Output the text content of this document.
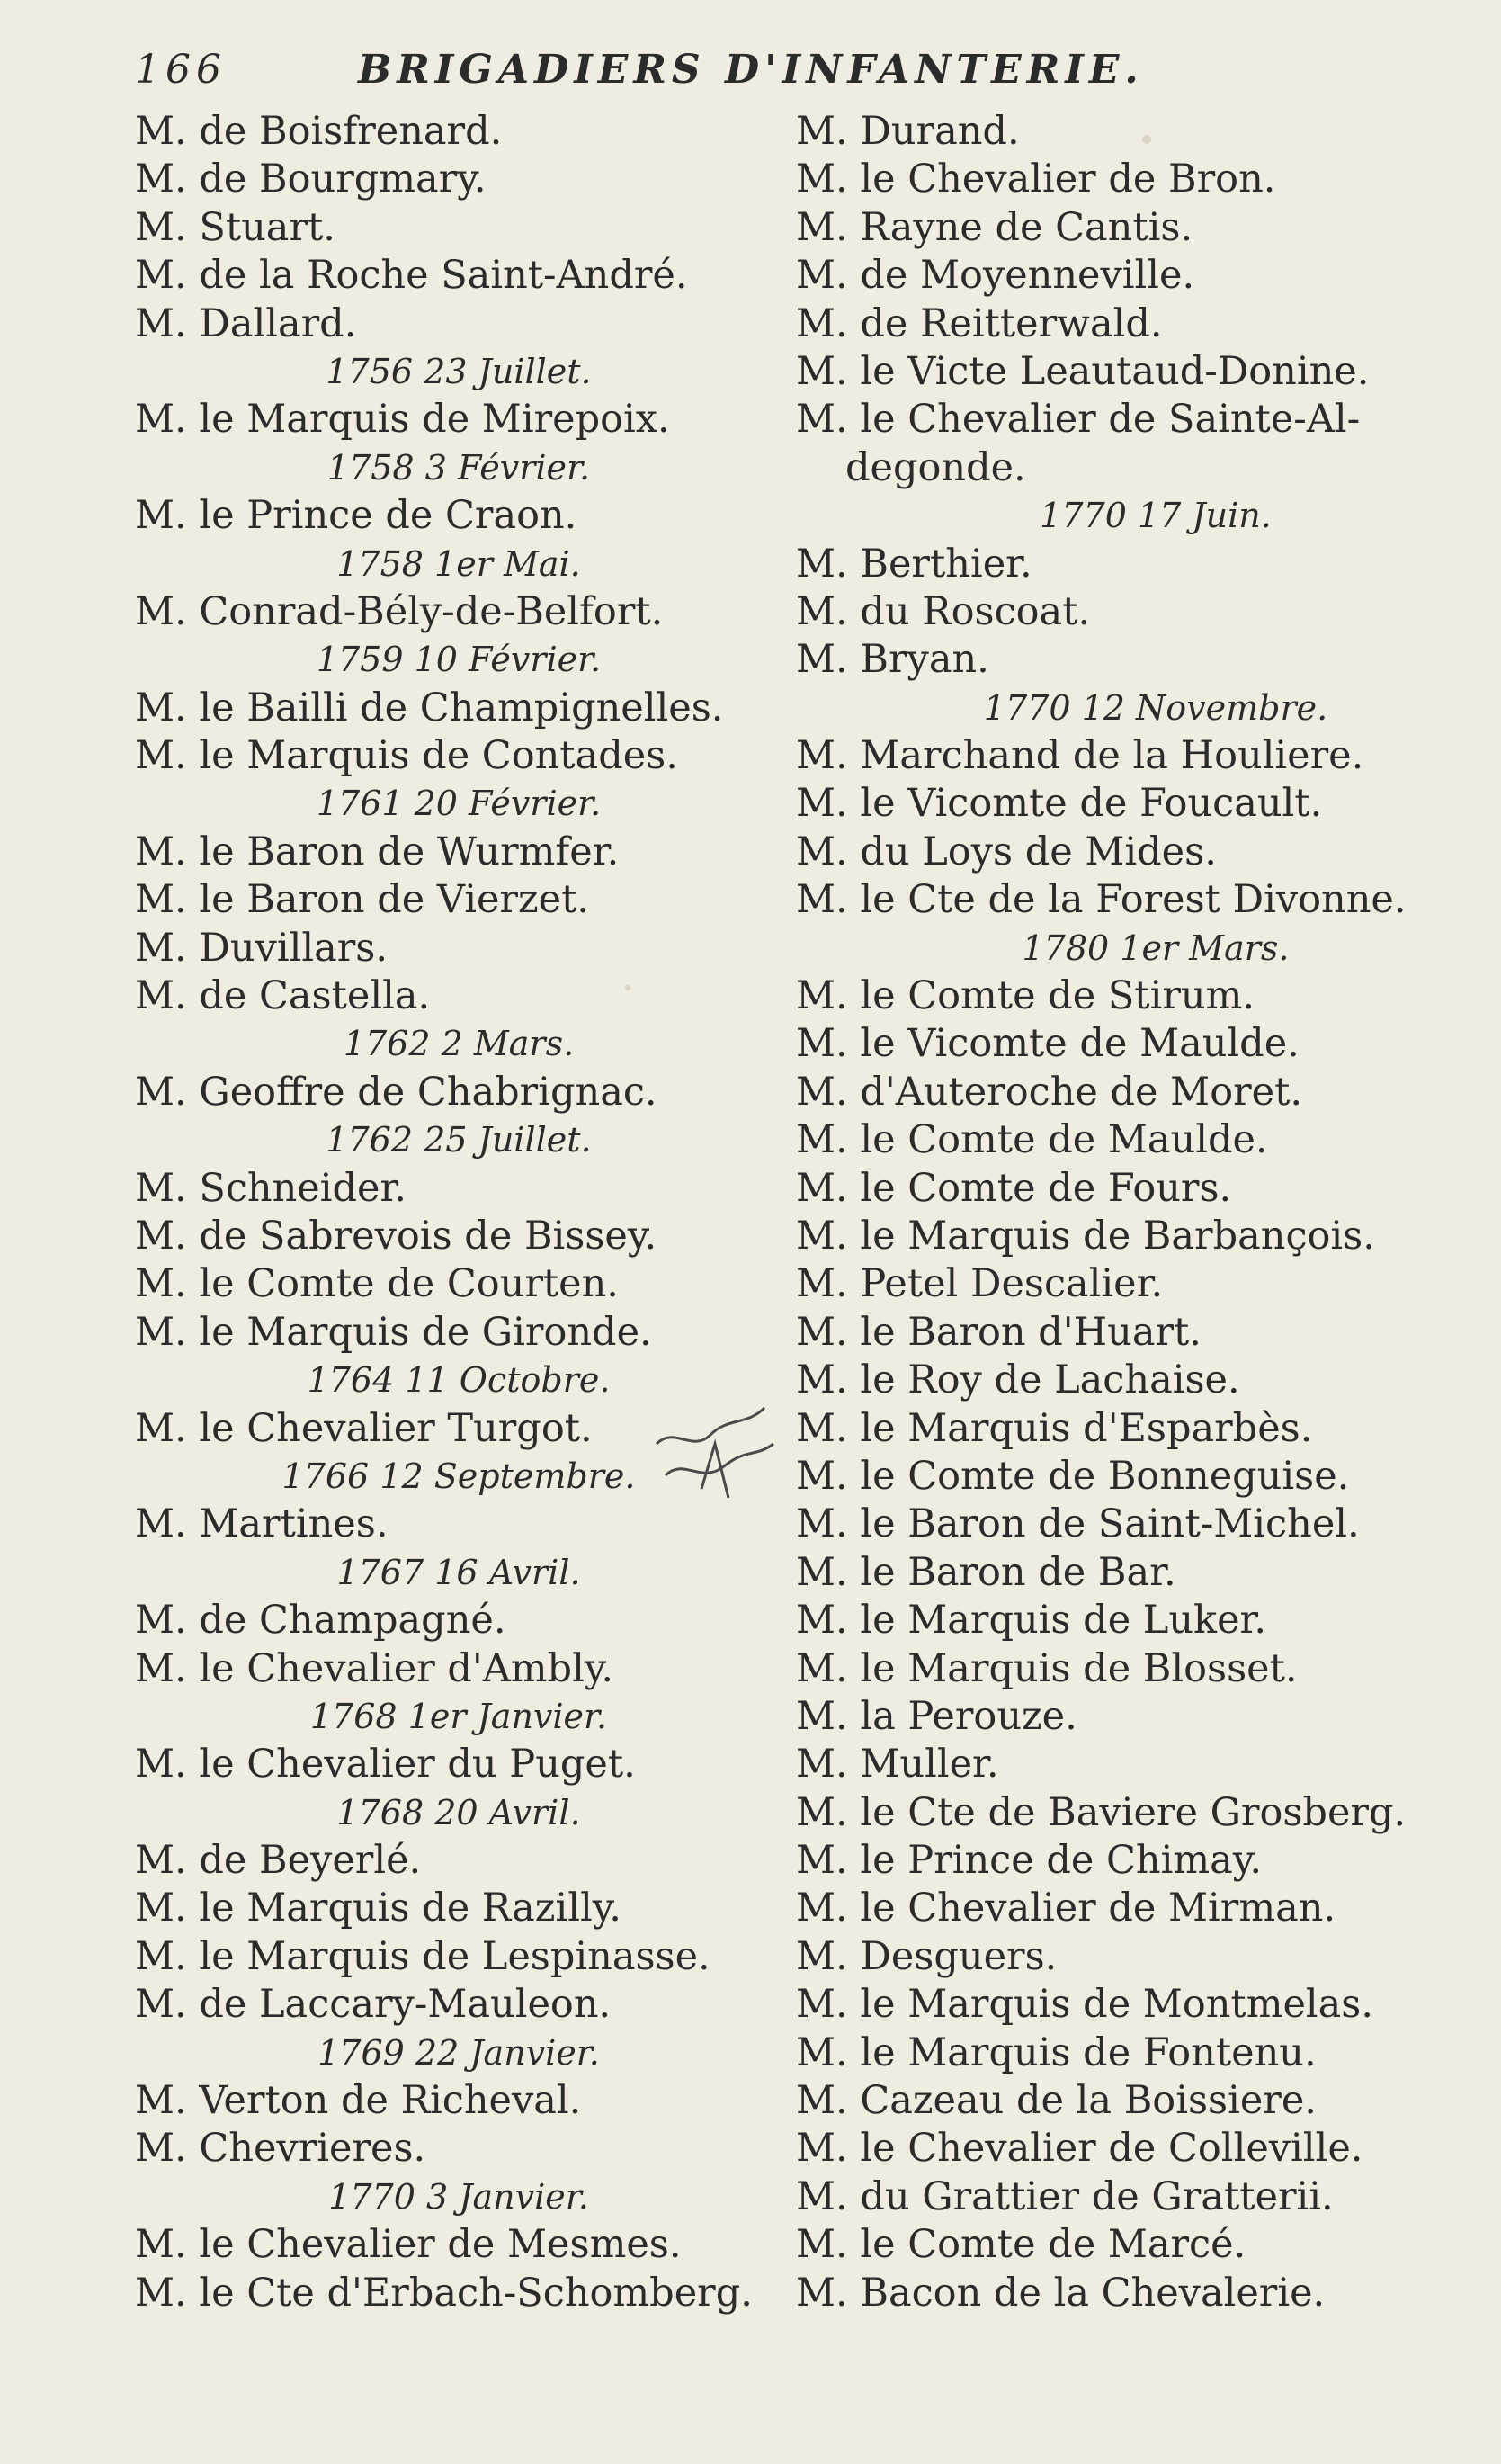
166	BRIGADIERS D'INFANTERIE.
M. de Boisfrenard.
M. de Bourgmary.
M. Stuart.
M. de la Roche Saint-André.
M. Dallard.
1756 23 Juillet.
M. le Marquis de Mirepoix.
1758 3 Février.
M. le Prince de Craon.
1758 1er Mai.
M. Conrad-Bély-de-Belfort.
1759 10 Février.
M. le Bailli de Champignelles.
M. le Marquis de Contades.
1761 20 Février.
M. le Baron de Wurmfer.
M. le Baron de Vierzet.
M. Duvillars.
M. de Castella.
1762 2 Mars.
M. Geoffre de Chabrignac.
1762 25 Juillet.
M. Schneider.
M. de Sabrevois de Bissey.
M. le Comte de Courten.
M. le Marquis de Gironde.
1764 11 Octobre.
M. le Chevalier Turgot.
1766 12 Septembre.
M. Martines.
1767 16 Avril.
M. de Champagné.
M. le Chevalier d'Ambly.
1768 1er Janvier.
M. le Chevalier du Puget.
1768 20 Avril.
M. de Beyerlé.
M. le Marquis de Razilly.
M. le Marquis de Lespinasse.
M. de Laccary-Mauleon.
1769 22 Janvier.
M. Verton de Richeval.
M. Chevrieres.
1770 3 Janvier.
M. le Chevalier de Mesmes.
M. le Cte d'Erbach-Schomberg.
M. Durand.
M. le Chevalier de Bron.
M. Rayne de Cantis.
M. de Moyenneville.
M. de Reitterwald.
M. le Victe Leautaud-Donine.
M. le Chevalier de Sainte-Al-
degonde.
1770 17 Juin.
M. Berthier.
M. du Roscoat.
M. Bryan.
1770 12 Novembre.
M. Marchand de la Houliere.
M. le Vicomte de Foucault.
M. du Loys de Mides.
M. le Cte de la Forest Divonne.
1780 1er Mars.
M. le Comte de Stirum.
M. le Vicomte de Maulde.
M. d'Auteroche de Moret.
M. le Comte de Maulde.
M. le Comte de Fours.
M. le Marquis de Barbançois.
M. Petel Descalier.
M. le Baron d'Huart.
M. le Roy de Lachaise.
M. le Marquis d'Esparbès.
M. le Comte de Bonneguise.
M. le Baron de Saint-Michel.
M. le Baron de Bar.
M. le Marquis de Luker.
M. le Marquis de Blosset.
M. la Perouze.
M. Muller.
M. le Cte de Baviere Grosberg.
M. le Prince de Chimay.
M. le Chevalier de Mirman.
M. Desguers.
M. le Marquis de Montmelas.
M. le Marquis de Fontenu.
M. Cazeau de la Boissiere.
M. le Chevalier de Colleville.
M. du Grattier de Gratterii.
M. le Comte de Marcé.
M. Bacon de la Chevalerie.
